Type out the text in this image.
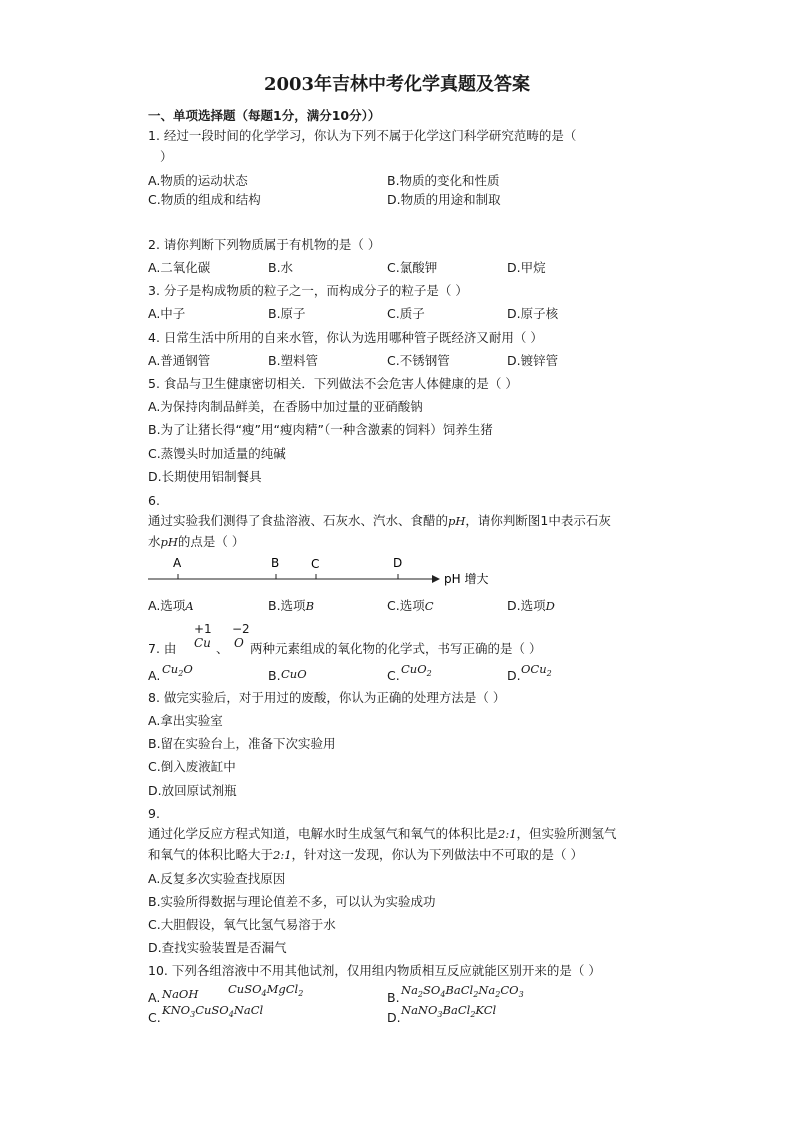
2003年吉林中考化学真题及答案
一、单项选择题（每题1分，满分10分））
1. 经过一段时间的化学学习，你认为下列不属于化学这门科学研究范畴的是（
）
A.物质的运动状态	B.物质的变化和性质
C.物质的组成和结构	D.物质的用途和制取
2. 请你判断下列物质属于有机物的是（ ）
A.二氧化碳	B.水	C.氯酸钾	D.甲烷
3. 分子是构成物质的粒子之一，而构成分子的粒子是（ ）
A.中子	B.原子	C.质子	D.原子核
4. 日常生活中所用的自来水管，你认为选用哪种管子既经济又耐用（ ）
A.普通钢管	B.塑料管	C.不锈钢管	D.镀锌管
5. 食品与卫生健康密切相关．下列做法不会危害人体健康的是（ ）
A.为保持肉制品鲜美，在香肠中加过量的亚硝酸钠
B.为了让猪长得“瘦”用“瘦肉精”（一种含激素的饲料）饲养生猪
C.蒸馒头时加适量的纯碱
D.长期使用铝制餐具
6.
通过实验我们测得了食盐溶液、石灰水、汽水、食醋的pH，请你判断图1中表示石灰
水pH的点是（ ）
A	B	C	D
pH 增大
A.选项A	B.选项B	C.选项C	D.选项D
7. 由
+1 −2
Cu 、 O 两种元素组成的氧化物的化学式，书写正确的是（ ）
A. $Cu_2O$	B. CuO	C. CuO$_2$	D. OCu$_2$
8. 做完实验后，对于用过的废酸，你认为正确的处理方法是（ ）
A.拿出实验室
B.留在实验台上，准备下次实验用
C.倒入废液缸中
D.放回原试剂瓶
9.
通过化学反应方程式知道，电解水时生成氢气和氧气的体积比是2:1，但实验所测氢气
和氧气的体积比略大于2:1，针对这一发现，你认为下列做法中不可取的是（ ）
A.反复多次实验查找原因
B.实验所得数据与理论值差不多，可以认为实验成功
C.大胆假设，氧气比氢气易溶于水
D.查找实验装置是否漏气
10. 下列各组溶液中不用其他试剂，仅用组内物质相互反应就能区别开来的是（ ）
A. NaOH	CuSO$_4$MgCl$_2$	B. $Na_2SO_4BaCl_2Na_2CO_3$
C. $KNO_3CuSO_4NaCl$	D. NaNO$_3$BaCl$_2$KCl
